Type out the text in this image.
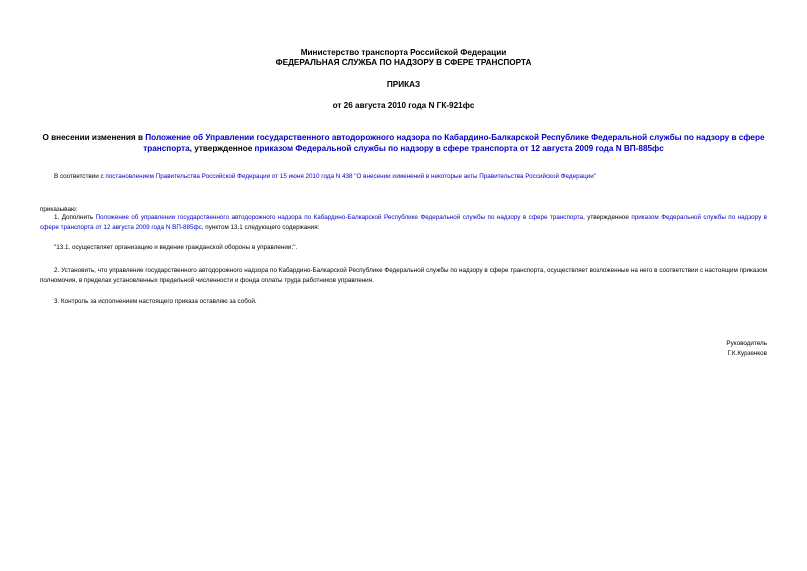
Министерство транспорта Российской Федерации
ФЕДЕРАЛЬНАЯ СЛУЖБА ПО НАДЗОРУ В СФЕРЕ ТРАНСПОРТА
ПРИКАЗ
от 26 августа 2010 года N ГК-921фс
О внесении изменения в Положение об Управлении государственного автодорожного надзора по Кабардино-Балкарской Республике Федеральной службы по надзору в сфере транспорта, утвержденное приказом Федеральной службы по надзору в сфере транспорта от 12 августа 2009 года N ВП-885фс
В соответствии с постановлением Правительства Российской Федерации от 15 июня 2010 года N 438 "О внесении изменений в некоторые акты Правительства Российской Федерации"
приказываю:
1. Дополнить Положение об управлении государственного автодорожного надзора по Кабардино-Балкарской Республике Федеральной службы по надзору в сфере транспорта, утвержденное приказом Федеральной службы по надзору в сфере транспорта от 12 августа 2009 года N ВП-885фс, пунктом 13.1 следующего содержания:
"13.1. осуществляет организацию и ведение гражданской обороны в управлении;".
2. Установить, что управление государственного автодорожного надзора по Кабардино-Балкарской Республике Федеральной службы по надзору в сфере транспорта, осуществляет возложенные на него в соответствии с настоящим приказом полномочия, в пределах установленных предельной численности и фонда оплаты труда работников управления.
3. Контроль за исполнением настоящего приказа оставляю за собой.
Руководитель
Г.К.Курзенков
